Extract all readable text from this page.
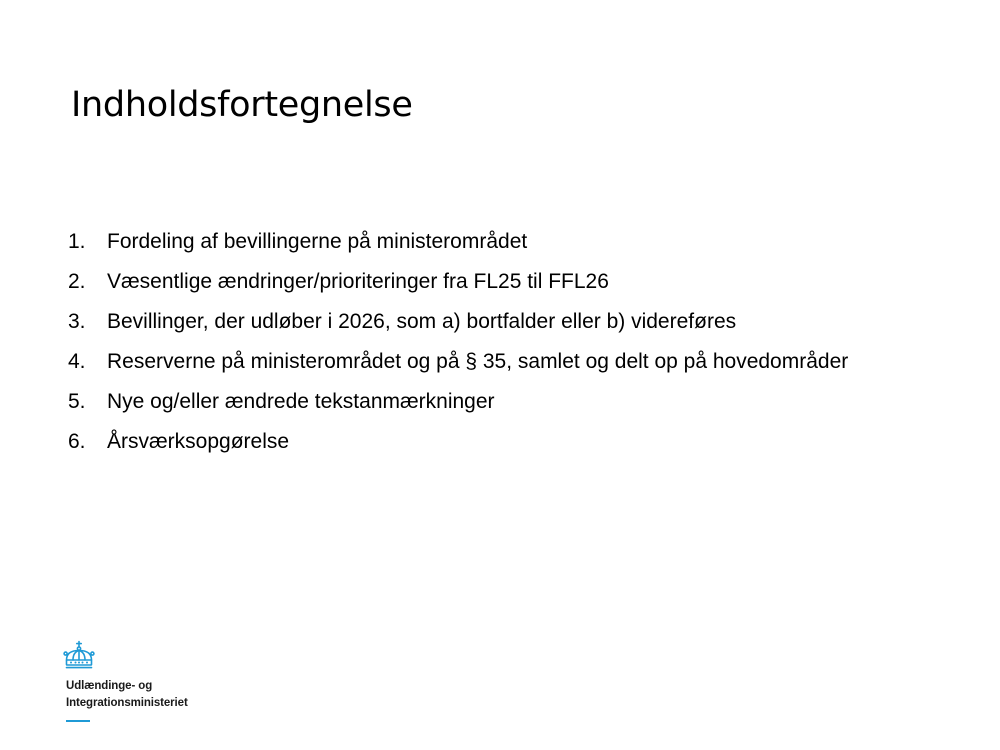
Indholdsfortegnelse
1.	Fordeling af bevillingerne på ministerområdet
2.	Væsentlige ændringer/prioriteringer fra FL25 til FFL26
3.	Bevillinger, der udløber i 2026, som a) bortfalder eller b) videreføres
4.	Reserverne på ministerområdet og på § 35, samlet og delt op på hovedområder
5.	Nye og/eller ændrede tekstanmærkninger
6.	Årsværksopgørelse
Udlændinge- og
Integrationsministeriet
